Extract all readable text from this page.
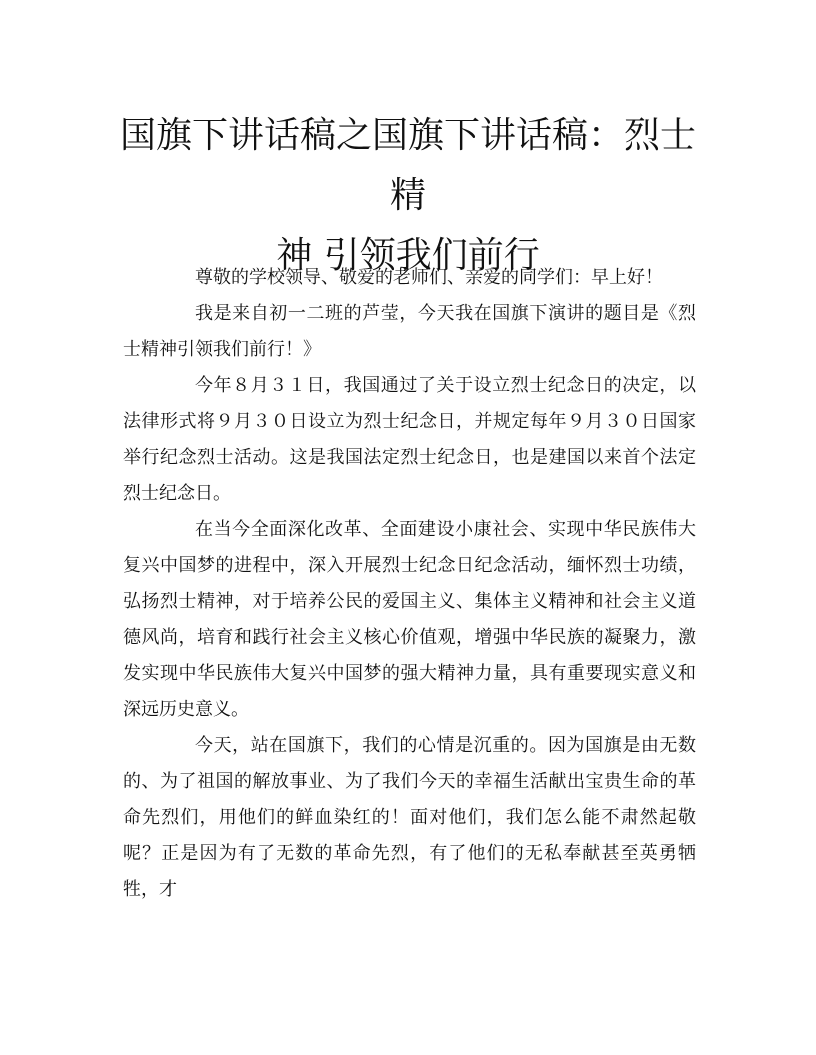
国旗下讲话稿之国旗下讲话稿：烈士精
神 引领我们前行

尊敬的学校领导、敬爱的老师们、亲爱的同学们：早上好！

我是来自初一二班的芦莹，今天我在国旗下演讲的题目是《烈士精神引领我们前行！》

今年８月３１日，我国通过了关于设立烈士纪念日的决定，以法律形式将９月３０日设立为烈士纪念日，并规定每年９月３０日国家举行纪念烈士活动。这是我国法定烈士纪念日，也是建国以来首个法定烈士纪念日。

在当今全面深化改革、全面建设小康社会、实现中华民族伟大复兴中国梦的进程中，深入开展烈士纪念日纪念活动，缅怀烈士功绩，弘扬烈士精神，对于培养公民的爱国主义、集体主义精神和社会主义道德风尚，培育和践行社会主义核心价值观，增强中华民族的凝聚力，激发实现中华民族伟大复兴中国梦的强大精神力量，具有重要现实意义和深远历史意义。

今天，站在国旗下，我们的心情是沉重的。因为国旗是由无数的、为了祖国的解放事业、为了我们今天的幸福生活献出宝贵生命的革命先烈们，用他们的鲜血染红的！面对他们，我们怎么能不肃然起敬呢？正是因为有了无数的革命先烈，有了他们的无私奉献甚至英勇牺牲，才
